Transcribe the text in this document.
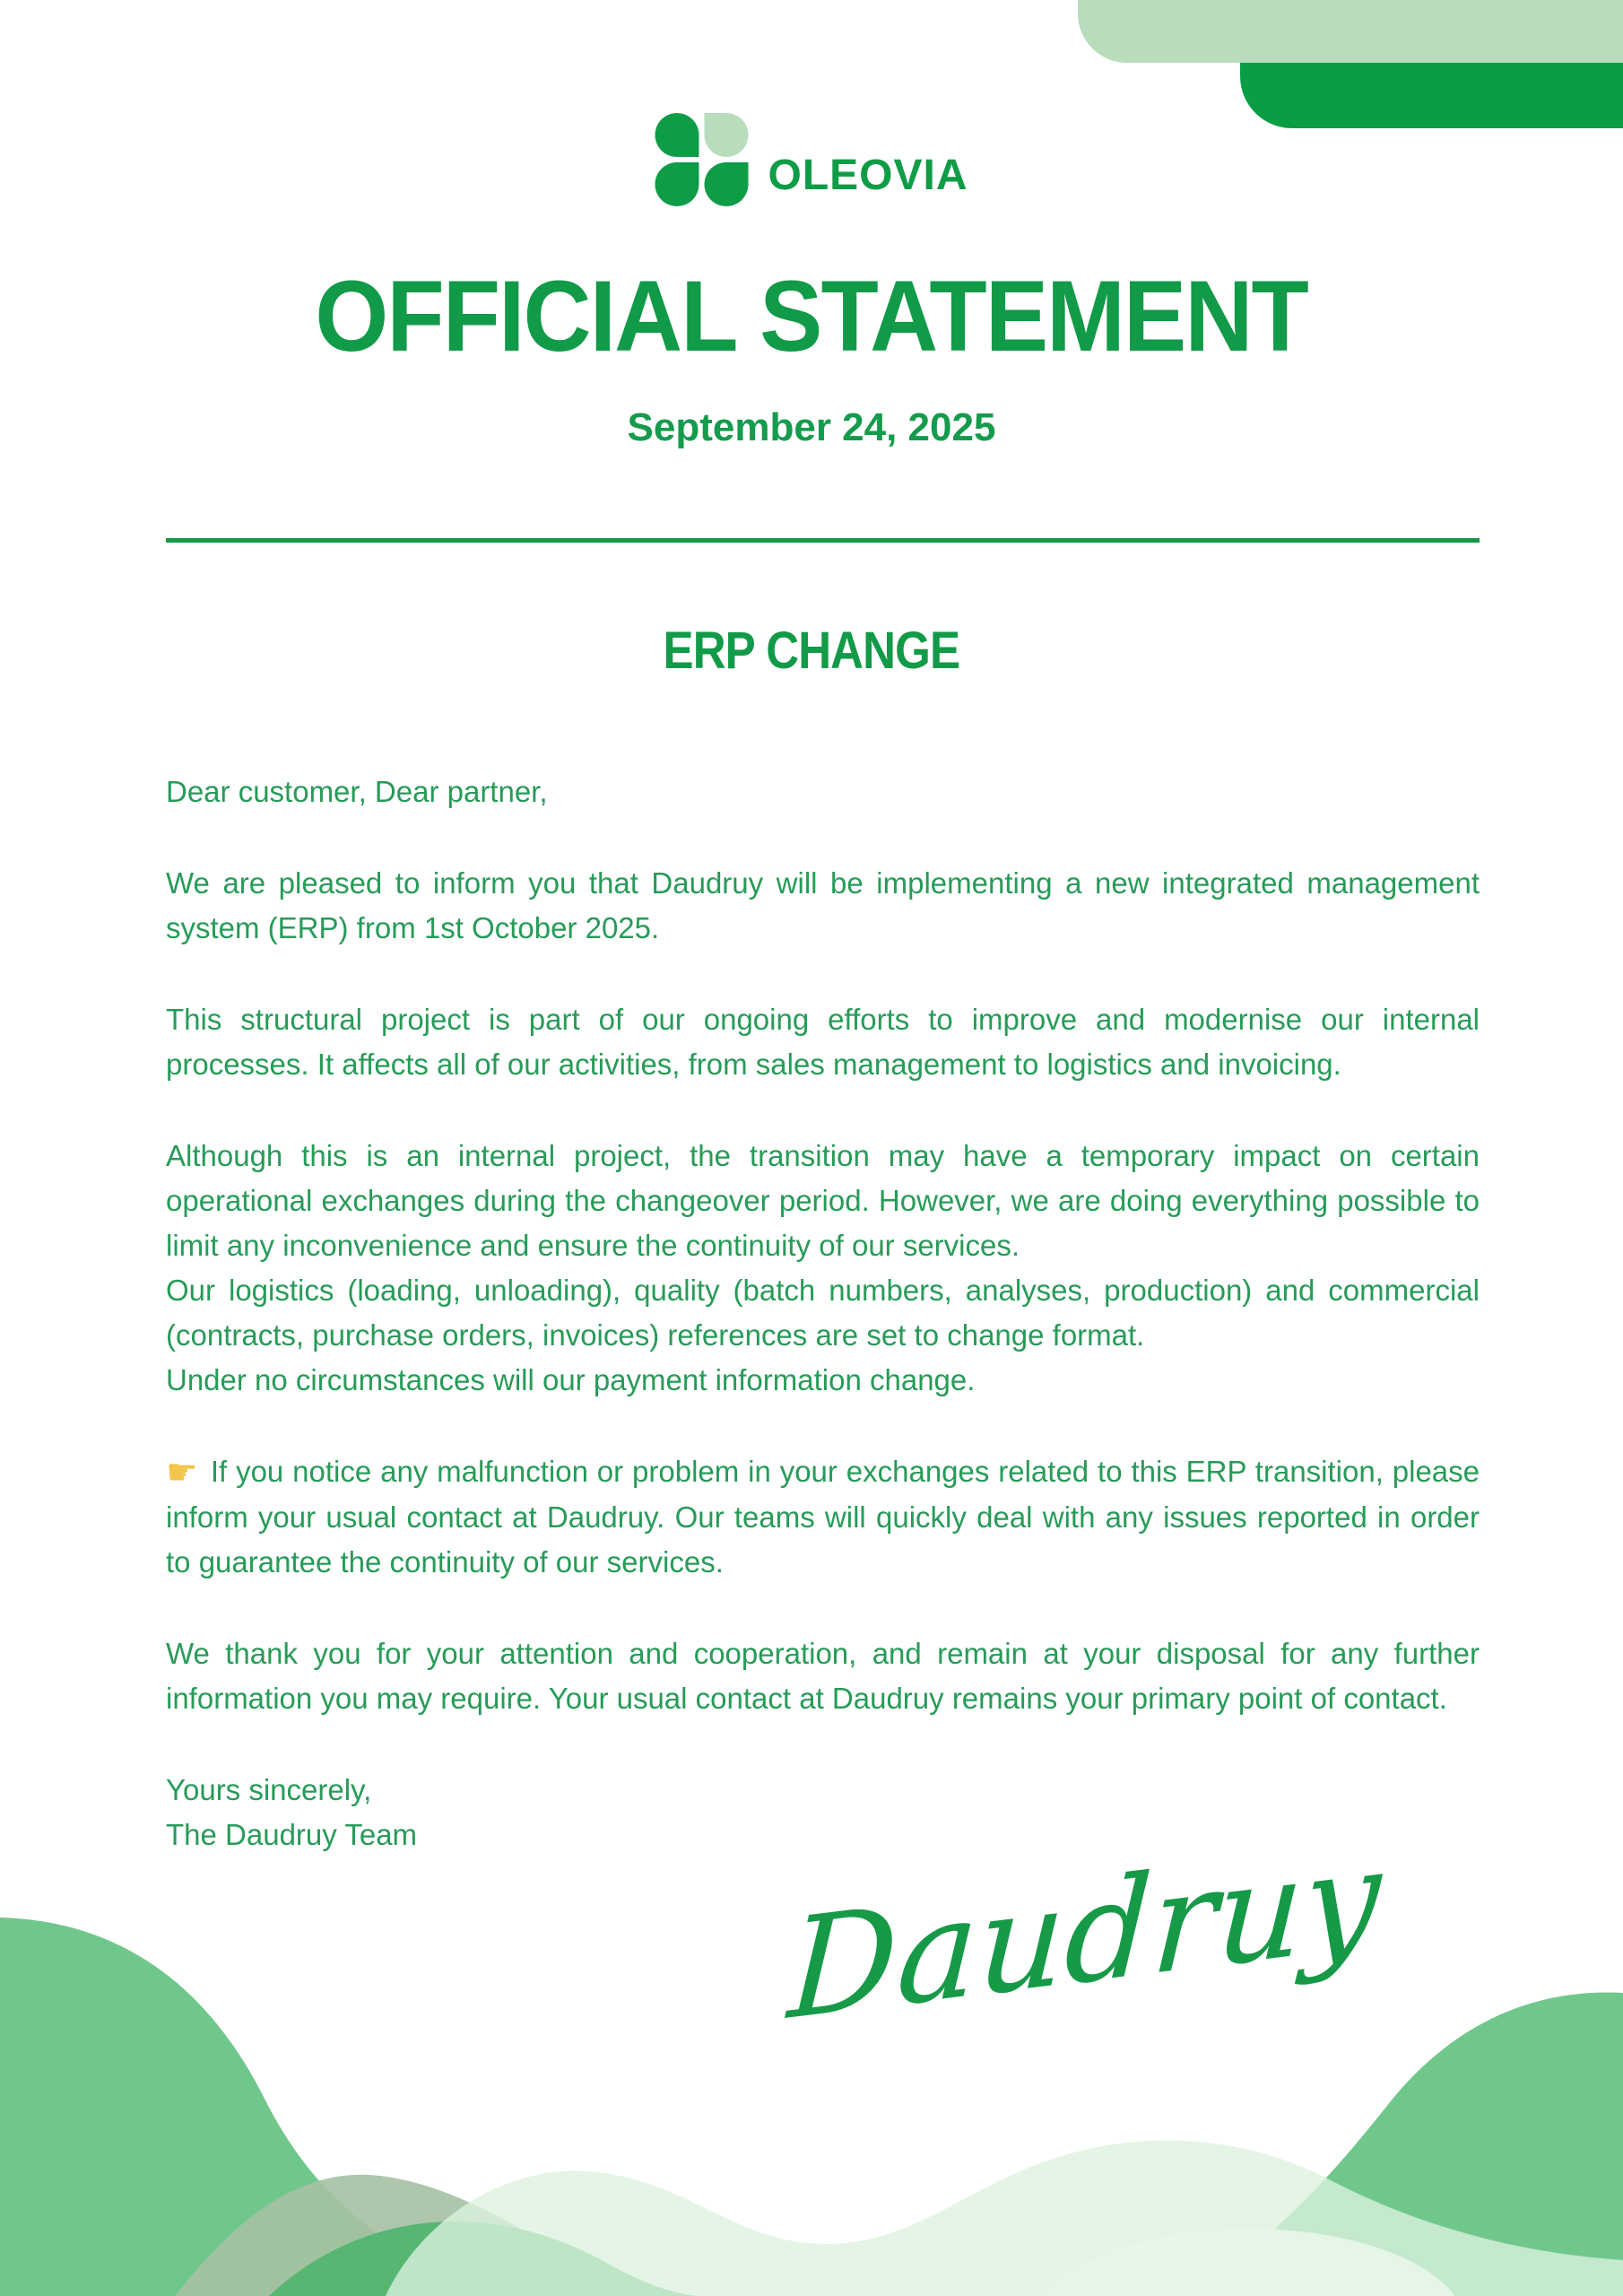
OLEOVIA
OFFICIAL STATEMENT
September 24, 2025
ERP CHANGE

Dear customer, Dear partner,

We are pleased to inform you that Daudruy will be implementing a new integrated management system (ERP) from 1st October 2025.

This structural project is part of our ongoing efforts to improve and modernise our internal processes. It affects all of our activities, from sales management to logistics and invoicing.

Although this is an internal project, the transition may have a temporary impact on certain operational exchanges during the changeover period. However, we are doing everything possible to limit any inconvenience and ensure the continuity of our services.

Our logistics (loading, unloading), quality (batch numbers, analyses, production) and commercial (contracts, purchase orders, invoices) references are set to change format.

Under no circumstances will our payment information change.

☛ If you notice any malfunction or problem in your exchanges related to this ERP transition, please inform your usual contact at Daudruy. Our teams will quickly deal with any issues reported in order to guarantee the continuity of our services.

We thank you for your attention and cooperation, and remain at your disposal for any further information you may require. Your usual contact at Daudruy remains your primary point of contact.

Yours sincerely,

The Daudruy Team	Daudruy
